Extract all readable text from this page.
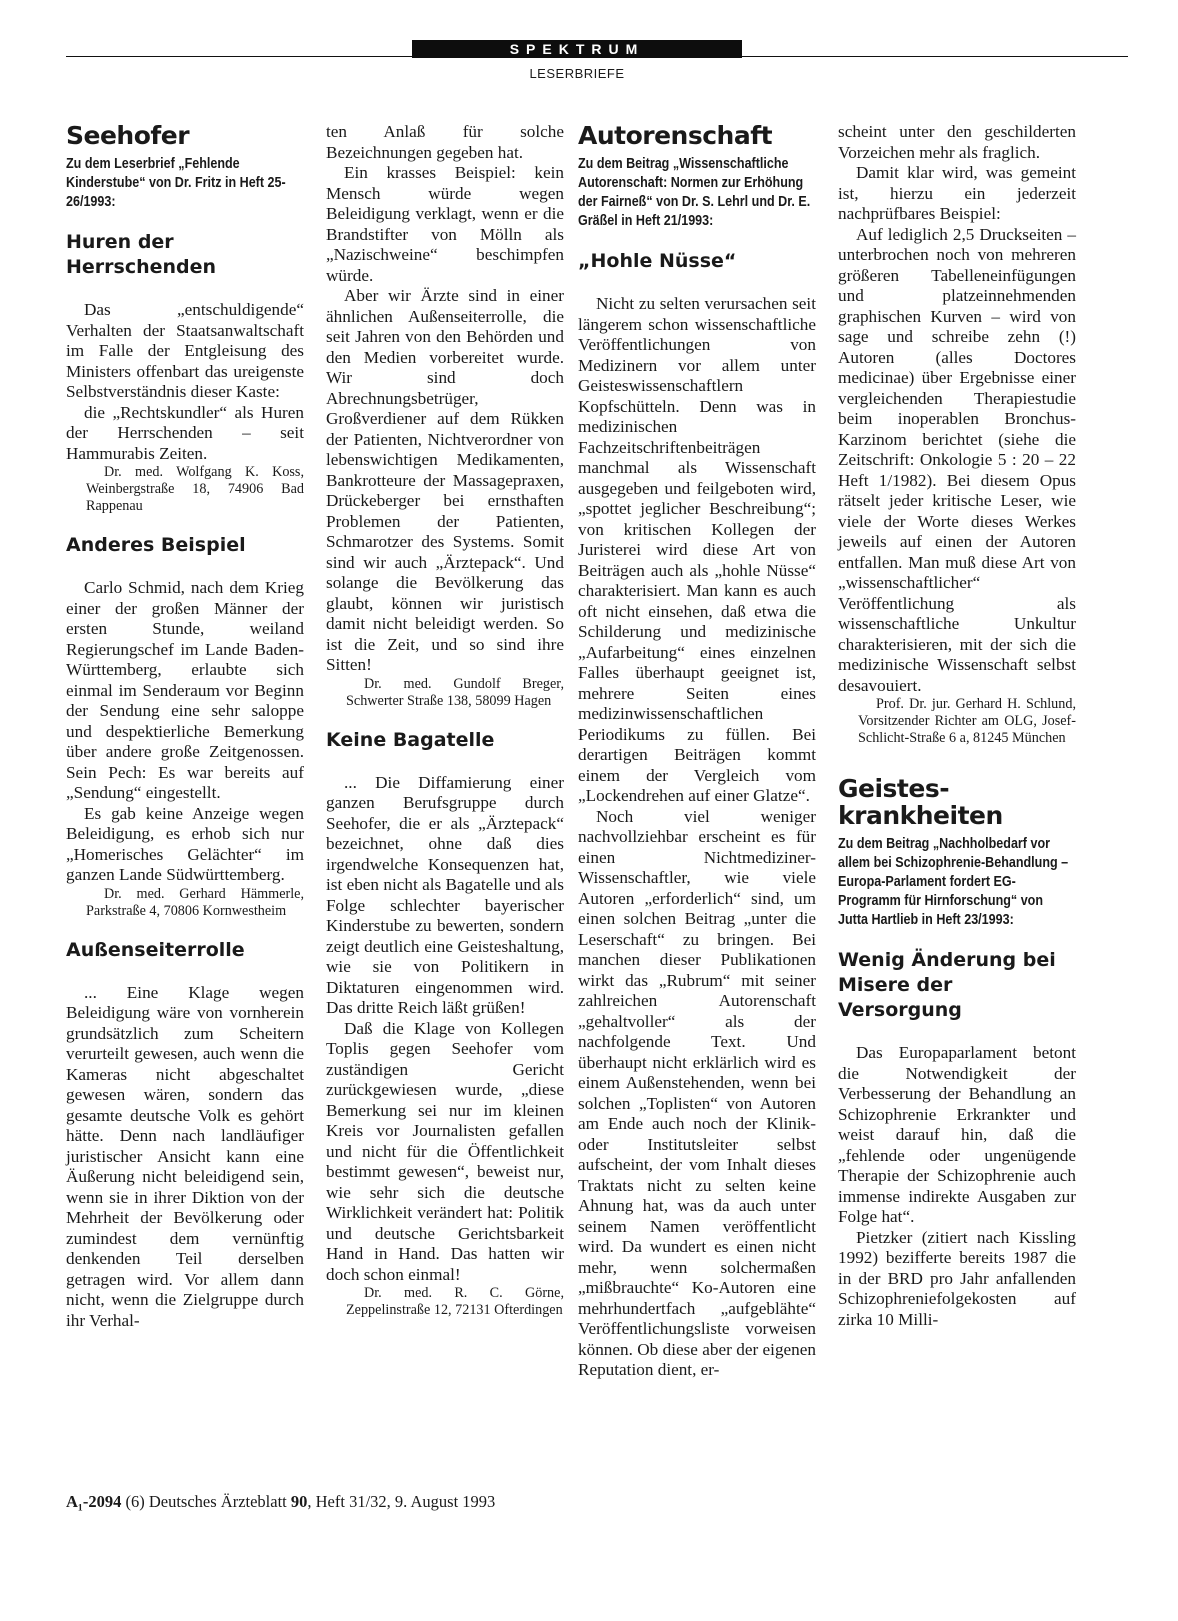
SPEKTRUM
LESERBRIEFE
Seehofer
Zu dem Leserbrief „Fehlende Kinderstube“ von Dr. Fritz in Heft 25-26/1993:
Huren der Herrschenden

Das „entschuldigende“ Verhalten der Staatsanwaltschaft im Falle der Entgleisung des Ministers offenbart das ureigenste Selbstverständnis dieser Kaste:

die „Rechtskundler“ als Huren der Herrschenden – seit Hammurabis Zeiten.

Dr. med. Wolfgang K. Koss, Weinbergstraße 18, 74906 Bad Rappenau

Anderes Beispiel

Carlo Schmid, nach dem Krieg einer der großen Männer der ersten Stunde, weiland Regierungschef im Lande Baden-Württemberg, erlaubte sich einmal im Senderaum vor Beginn der Sendung eine sehr saloppe und despektierliche Bemerkung über andere große Zeitgenossen. Sein Pech: Es war bereits auf „Sendung“ eingestellt.

Es gab keine Anzeige wegen Beleidigung, es erhob sich nur „Homerisches Gelächter“ im ganzen Lande Südwürttemberg.

Dr. med. Gerhard Hämmerle, Parkstraße 4, 70806 Kornwestheim

Außenseiterrolle

... Eine Klage wegen Beleidigung wäre von vornherein grundsätzlich zum Scheitern verurteilt gewesen, auch wenn die Kameras nicht abgeschaltet gewesen wären, sondern das gesamte deutsche Volk es gehört hätte. Denn nach landläufiger juristischer Ansicht kann eine Äußerung nicht beleidigend sein, wenn sie in ihrer Diktion von der Mehrheit der Bevölkerung oder zumindest dem vernünftig denkenden Teil derselben getragen wird. Vor allem dann nicht, wenn die Zielgruppe durch ihr Verhal-

ten Anlaß für solche Bezeichnungen gegeben hat.

Ein krasses Beispiel: kein Mensch würde wegen Beleidigung verklagt, wenn er die Brandstifter von Mölln als „Nazischweine“ beschimpfen würde.

Aber wir Ärzte sind in einer ähnlichen Außenseiterrolle, die seit Jahren von den Behörden und den Medien vorbereitet wurde. Wir sind doch Abrechnungsbetrüger, Großverdiener auf dem Rükken der Patienten, Nichtverordner von lebenswichtigen Medikamenten, Bankrotteure der Massagepraxen, Drückeberger bei ernsthaften Problemen der Patienten, Schmarotzer des Systems. Somit sind wir auch „Ärztepack“. Und solange die Bevölkerung das glaubt, können wir juristisch damit nicht beleidigt werden. So ist die Zeit, und so sind ihre Sitten!

Dr. med. Gundolf Breger, Schwerter Straße 138, 58099 Hagen

Keine Bagatelle

... Die Diffamierung einer ganzen Berufsgruppe durch Seehofer, die er als „Ärztepack“ bezeichnet, ohne daß dies irgendwelche Konsequenzen hat, ist eben nicht als Bagatelle und als Folge schlechter bayerischer Kinderstube zu bewerten, sondern zeigt deutlich eine Geisteshaltung, wie sie von Politikern in Diktaturen eingenommen wird. Das dritte Reich läßt grüßen!

Daß die Klage von Kollegen Toplis gegen Seehofer vom zuständigen Gericht zurückgewiesen wurde, „diese Bemerkung sei nur im kleinen Kreis vor Journalisten gefallen und nicht für die Öffentlichkeit bestimmt gewesen“, beweist nur, wie sehr sich die deutsche Wirklichkeit verändert hat: Politik und deutsche Gerichtsbarkeit Hand in Hand. Das hatten wir doch schon einmal!

Dr. med. R. C. Görne, Zeppelinstraße 12, 72131 Ofterdingen

Autorenschaft
Zu dem Beitrag „Wissenschaftliche Autorenschaft: Normen zur Erhöhung der Fairneß“ von Dr. S. Lehrl und Dr. E. Gräßel in Heft 21/1993:
„Hohle Nüsse“

Nicht zu selten verursachen seit längerem schon wissenschaftliche Veröffentlichungen von Medizinern vor allem unter Geisteswissenschaftlern Kopfschütteln. Denn was in medizinischen Fachzeitschriftenbeiträgen manchmal als Wissenschaft ausgegeben und feilgeboten wird, „spottet jeglicher Beschreibung“; von kritischen Kollegen der Juristerei wird diese Art von Beiträgen auch als „hohle Nüsse“ charakterisiert. Man kann es auch oft nicht einsehen, daß etwa die Schilderung und medizinische „Aufarbeitung“ eines einzelnen Falles überhaupt geeignet ist, mehrere Seiten eines medizinwissenschaftlichen Periodikums zu füllen. Bei derartigen Beiträgen kommt einem der Vergleich vom „Lockendrehen auf einer Glatze“.

Noch viel weniger nachvollziehbar erscheint es für einen Nichtmediziner-Wissenschaftler, wie viele Autoren „erforderlich“ sind, um einen solchen Beitrag „unter die Leserschaft“ zu bringen. Bei manchen dieser Publikationen wirkt das „Rubrum“ mit seiner zahlreichen Autorenschaft „gehaltvoller“ als der nachfolgende Text. Und überhaupt nicht erklärlich wird es einem Außenstehenden, wenn bei solchen „Toplisten“ von Autoren am Ende auch noch der Klinik- oder Institutsleiter selbst aufscheint, der vom Inhalt dieses Traktats nicht zu selten keine Ahnung hat, was da auch unter seinem Namen veröffentlicht wird. Da wundert es einen nicht mehr, wenn solchermaßen „mißbrauchte“ Ko-Autoren eine mehrhundertfach „aufgeblähte“ Veröffentlichungsliste vorweisen können. Ob diese aber der eigenen Reputation dient, er-

scheint unter den geschilderten Vorzeichen mehr als fraglich.

Damit klar wird, was gemeint ist, hierzu ein jederzeit nachprüfbares Beispiel:

Auf lediglich 2,5 Druckseiten – unterbrochen noch von mehreren größeren Tabelleneinfügungen und platzeinnehmenden graphischen Kurven – wird von sage und schreibe zehn (!) Autoren (alles Doctores medicinae) über Ergebnisse einer vergleichenden Therapiestudie beim inoperablen Bronchus-Karzinom berichtet (siehe die Zeitschrift: Onkologie 5 : 20 – 22 Heft 1/1982). Bei diesem Opus rätselt jeder kritische Leser, wie viele der Worte dieses Werkes jeweils auf einen der Autoren entfallen. Man muß diese Art von „wissenschaftlicher“ Veröffentlichung als wissenschaftliche Unkultur charakterisieren, mit der sich die medizinische Wissenschaft selbst desavouiert.

Prof. Dr. jur. Gerhard H. Schlund, Vorsitzender Richter am OLG, Josef-Schlicht-Straße 6 a, 81245 München

Geistes-krankheiten
Zu dem Beitrag „Nachholbedarf vor allem bei Schizophrenie-Behandlung – Europa-Parlament fordert EG-Programm für Hirnforschung“ von Jutta Hartlieb in Heft 23/1993:
Wenig Änderung bei Misere der Versorgung

Das Europaparlament betont die Notwendigkeit der Verbesserung der Behandlung an Schizophrenie Erkrankter und weist darauf hin, daß die „fehlende oder ungenügende Therapie der Schizophrenie auch immense indirekte Ausgaben zur Folge hat“.

Pietzker (zitiert nach Kissling 1992) bezifferte bereits 1987 die in der BRD pro Jahr anfallenden Schizophreniefolgekosten auf zirka 10 Milli-

A₁-2094 (6) Deutsches Ärzteblatt 90, Heft 31/32, 9. August 1993
